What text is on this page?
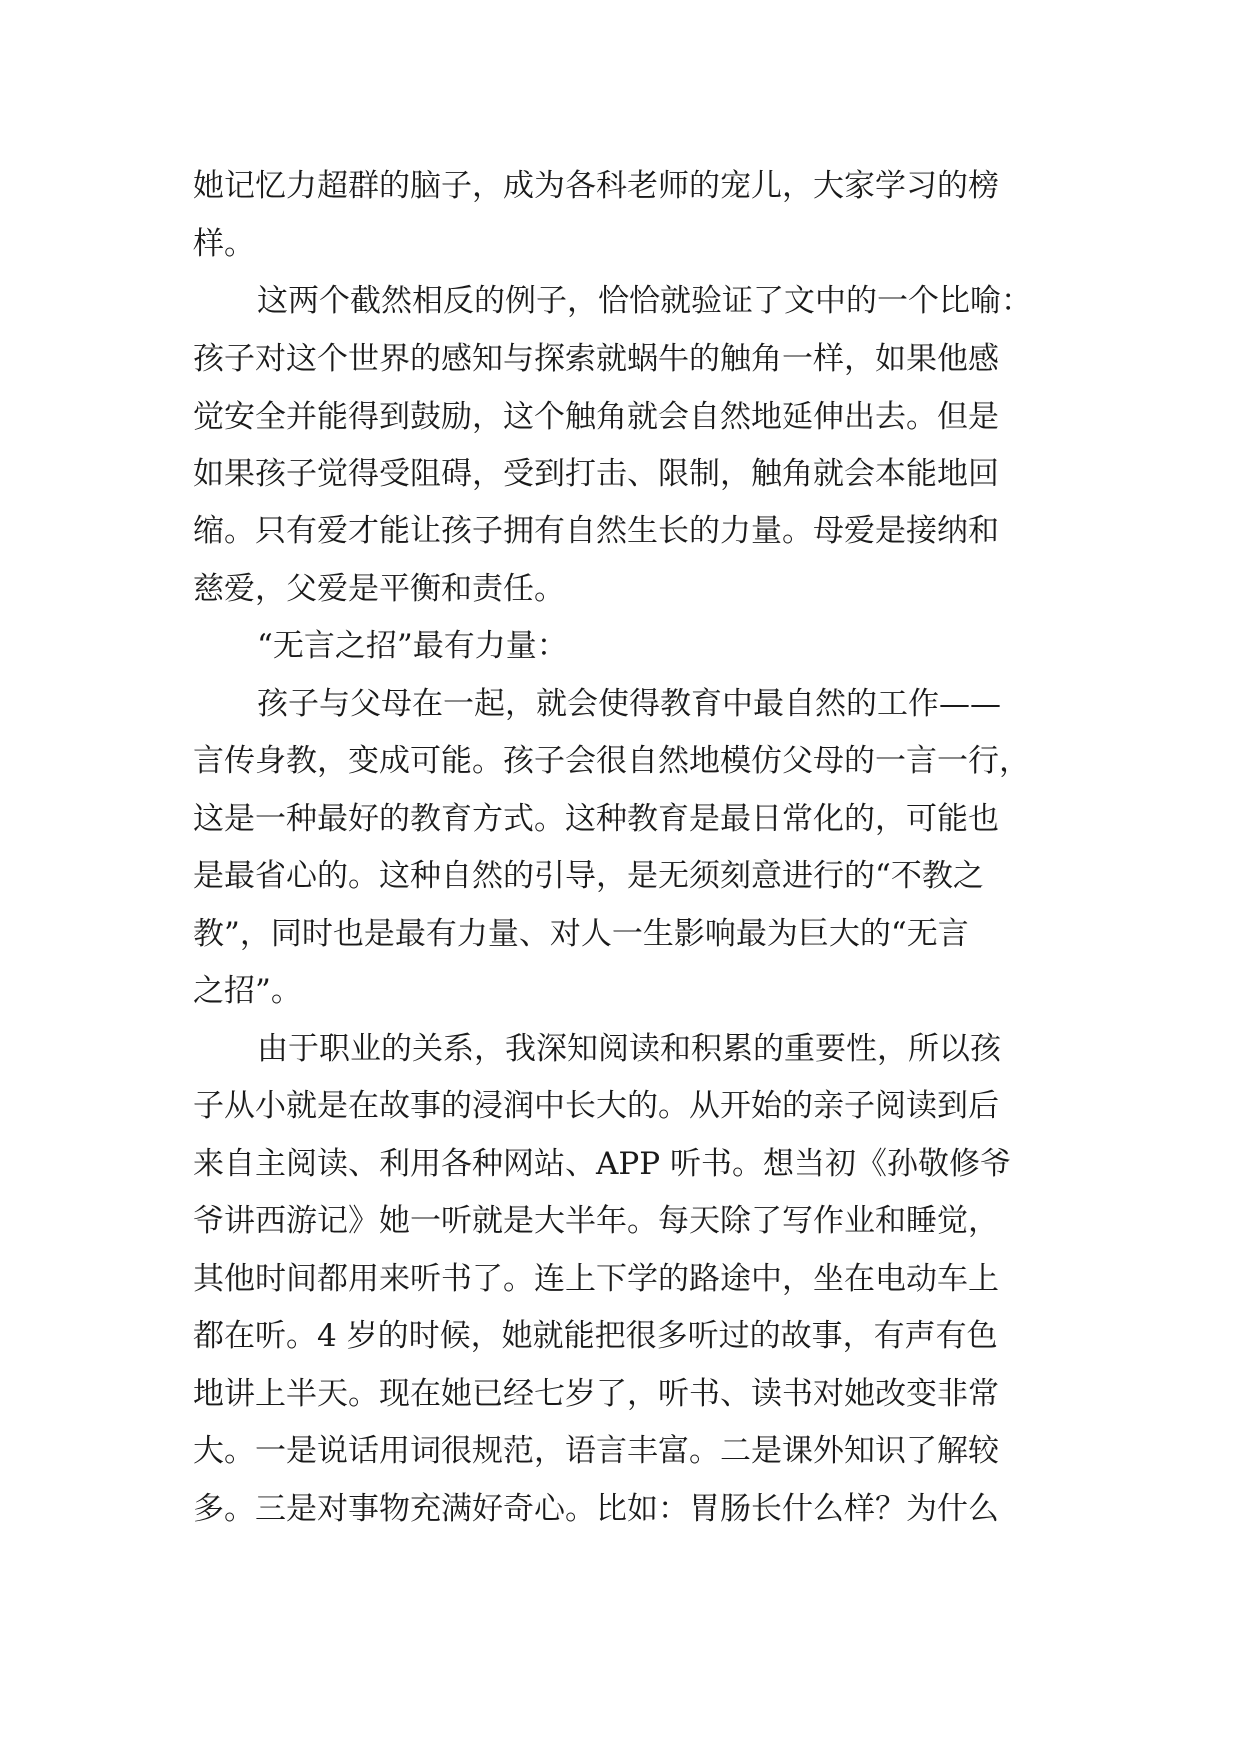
她记忆力超群的脑子，成为各科老师的宠儿，大家学习的榜
样。
这两个截然相反的例子，恰恰就验证了文中的一个比喻：
孩子对这个世界的感知与探索就蜗牛的触角一样，如果他感
觉安全并能得到鼓励，这个触角就会自然地延伸出去。但是
如果孩子觉得受阻碍，受到打击、限制，触角就会本能地回
缩。只有爱才能让孩子拥有自然生长的力量。母爱是接纳和
慈爱，父爱是平衡和责任。
“无言之招”最有力量：
孩子与父母在一起，就会使得教育中最自然的工作——
言传身教，变成可能。孩子会很自然地模仿父母的一言一行，
这是一种最好的教育方式。这种教育是最日常化的，可能也
是最省心的。这种自然的引导，是无须刻意进行的“不教之
教”，同时也是最有力量、对人一生影响最为巨大的“无言
之招”。
由于职业的关系，我深知阅读和积累的重要性，所以孩
子从小就是在故事的浸润中长大的。从开始的亲子阅读到后
来自主阅读、利用各种网站、APP 听书。想当初《孙敬修爷
爷讲西游记》她一听就是大半年。每天除了写作业和睡觉，
其他时间都用来听书了。连上下学的路途中，坐在电动车上
都在听。4 岁的时候，她就能把很多听过的故事，有声有色
地讲上半天。现在她已经七岁了，听书、读书对她改变非常
大。一是说话用词很规范，语言丰富。二是课外知识了解较
多。三是对事物充满好奇心。比如：胃肠长什么样？为什么
